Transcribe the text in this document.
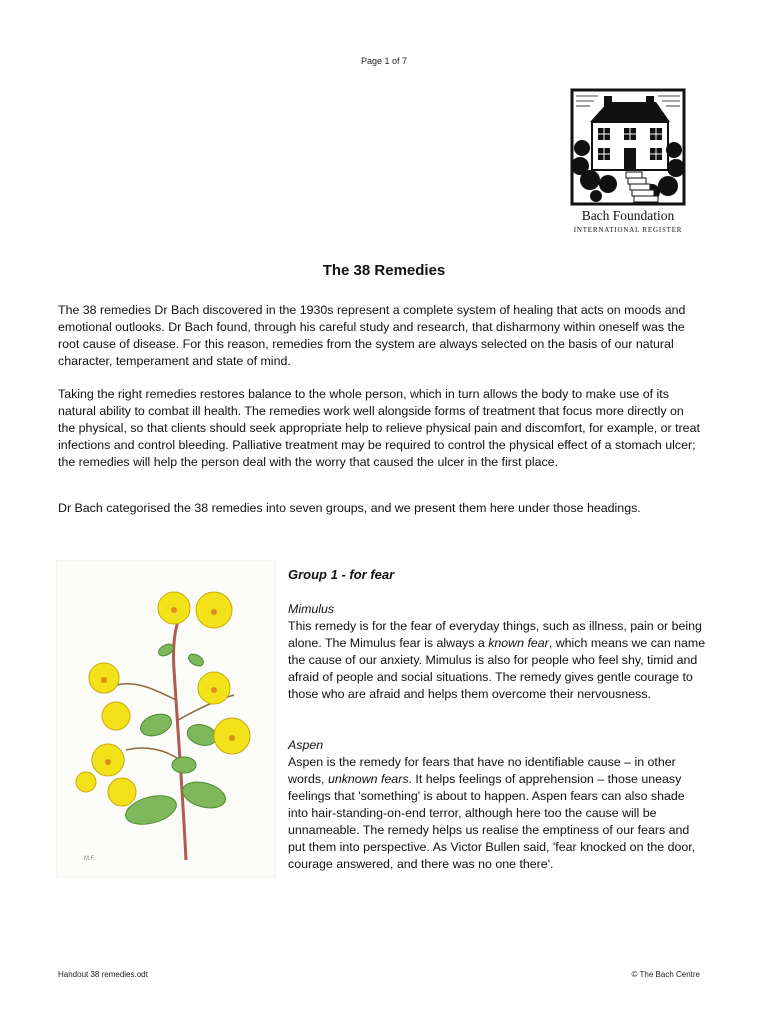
Page 1 of 7
Bach Foundation
INTERNATIONAL REGISTER
The 38 Remedies

The 38 remedies Dr Bach discovered in the 1930s represent a complete system of healing that acts on moods and emotional outlooks. Dr Bach found, through his careful study and research, that disharmony within oneself was the root cause of disease. For this reason, remedies from the system are always selected on the basis of our natural character, temperament and state of mind.

Taking the right remedies restores balance to the whole person, which in turn allows the body to make use of its natural ability to combat ill health. The remedies work well alongside forms of treatment that focus more directly on the physical, so that clients should seek appropriate help to relieve physical pain and discomfort, for example, or treat infections and control bleeding. Palliative treatment may be required to control the physical effect of a stomach ulcer; the remedies will help the person deal with the worry that caused the ulcer in the first place.

Dr Bach categorised the 38 remedies into seven groups, and we present them here under those headings.

M.F.
Group 1 - for fear
Mimulus

This remedy is for the fear of everyday things, such as illness, pain or being alone. The Mimulus fear is always a known fear, which means we can name the cause of our anxiety. Mimulus is also for people who feel shy, timid and afraid of people and social situations. The remedy gives gentle courage to those who are afraid and helps them overcome their nervousness.

Aspen

Aspen is the remedy for fears that have no identifiable cause – in other words, unknown fears. It helps feelings of apprehension – those uneasy feelings that 'something' is about to happen. Aspen fears can also shade into hair-standing-on-end terror, although here too the cause will be unnameable. The remedy helps us realise the emptiness of our fears and put them into perspective. As Victor Bullen said, 'fear knocked on the door, courage answered, and there was no one there'.

Handout 38 remedies.odt	© The Bach Centre
